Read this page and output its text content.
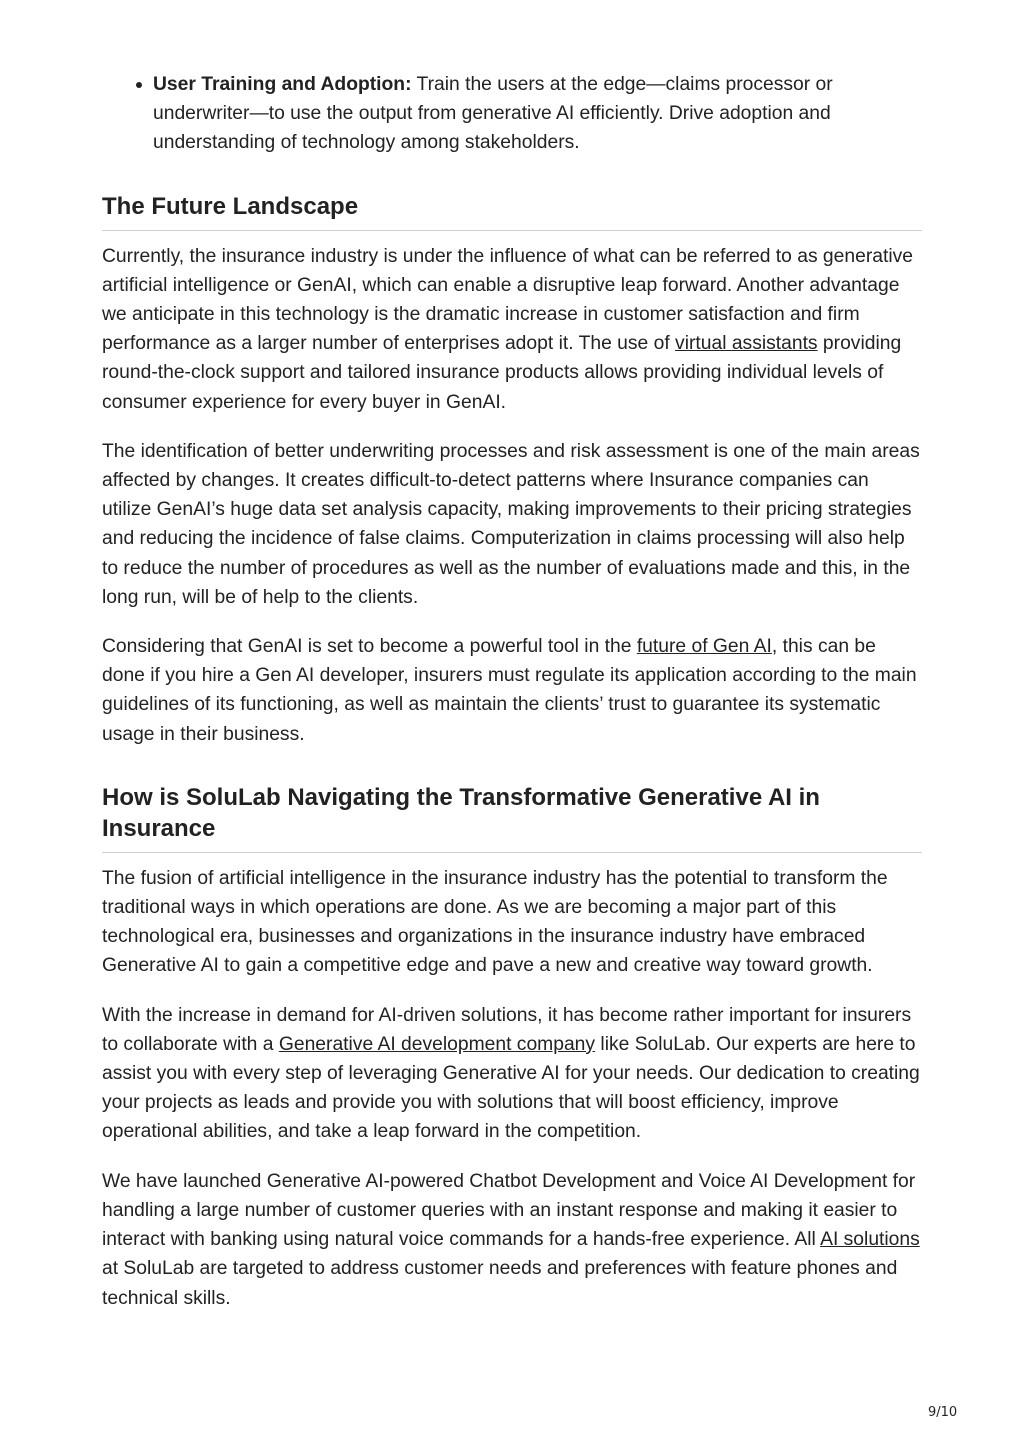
User Training and Adoption: Train the users at the edge—claims processor or underwriter—to use the output from generative AI efficiently. Drive adoption and understanding of technology among stakeholders.
The Future Landscape

Currently, the insurance industry is under the influence of what can be referred to as generative artificial intelligence or GenAI, which can enable a disruptive leap forward. Another advantage we anticipate in this technology is the dramatic increase in customer satisfaction and firm performance as a larger number of enterprises adopt it. The use of virtual assistants providing round-the-clock support and tailored insurance products allows providing individual levels of consumer experience for every buyer in GenAI.

The identification of better underwriting processes and risk assessment is one of the main areas affected by changes. It creates difficult-to-detect patterns where Insurance companies can utilize GenAI’s huge data set analysis capacity, making improvements to their pricing strategies and reducing the incidence of false claims. Computerization in claims processing will also help to reduce the number of procedures as well as the number of evaluations made and this, in the long run, will be of help to the clients.

Considering that GenAI is set to become a powerful tool in the future of Gen AI, this can be done if you hire a Gen AI developer, insurers must regulate its application according to the main guidelines of its functioning, as well as maintain the clients’ trust to guarantee its systematic usage in their business.

How is SoluLab Navigating the Transformative Generative AI in Insurance

The fusion of artificial intelligence in the insurance industry has the potential to transform the traditional ways in which operations are done. As we are becoming a major part of this technological era, businesses and organizations in the insurance industry have embraced Generative AI to gain a competitive edge and pave a new and creative way toward growth.

With the increase in demand for AI-driven solutions, it has become rather important for insurers to collaborate with a Generative AI development company like SoluLab. Our experts are here to assist you with every step of leveraging Generative AI for your needs. Our dedication to creating your projects as leads and provide you with solutions that will boost efficiency, improve operational abilities, and take a leap forward in the competition.

We have launched Generative AI-powered Chatbot Development and Voice AI Development for handling a large number of customer queries with an instant response and making it easier to interact with banking using natural voice commands for a hands-free experience. All AI solutions at SoluLab are targeted to address customer needs and preferences with feature phones and technical skills.

9/10
